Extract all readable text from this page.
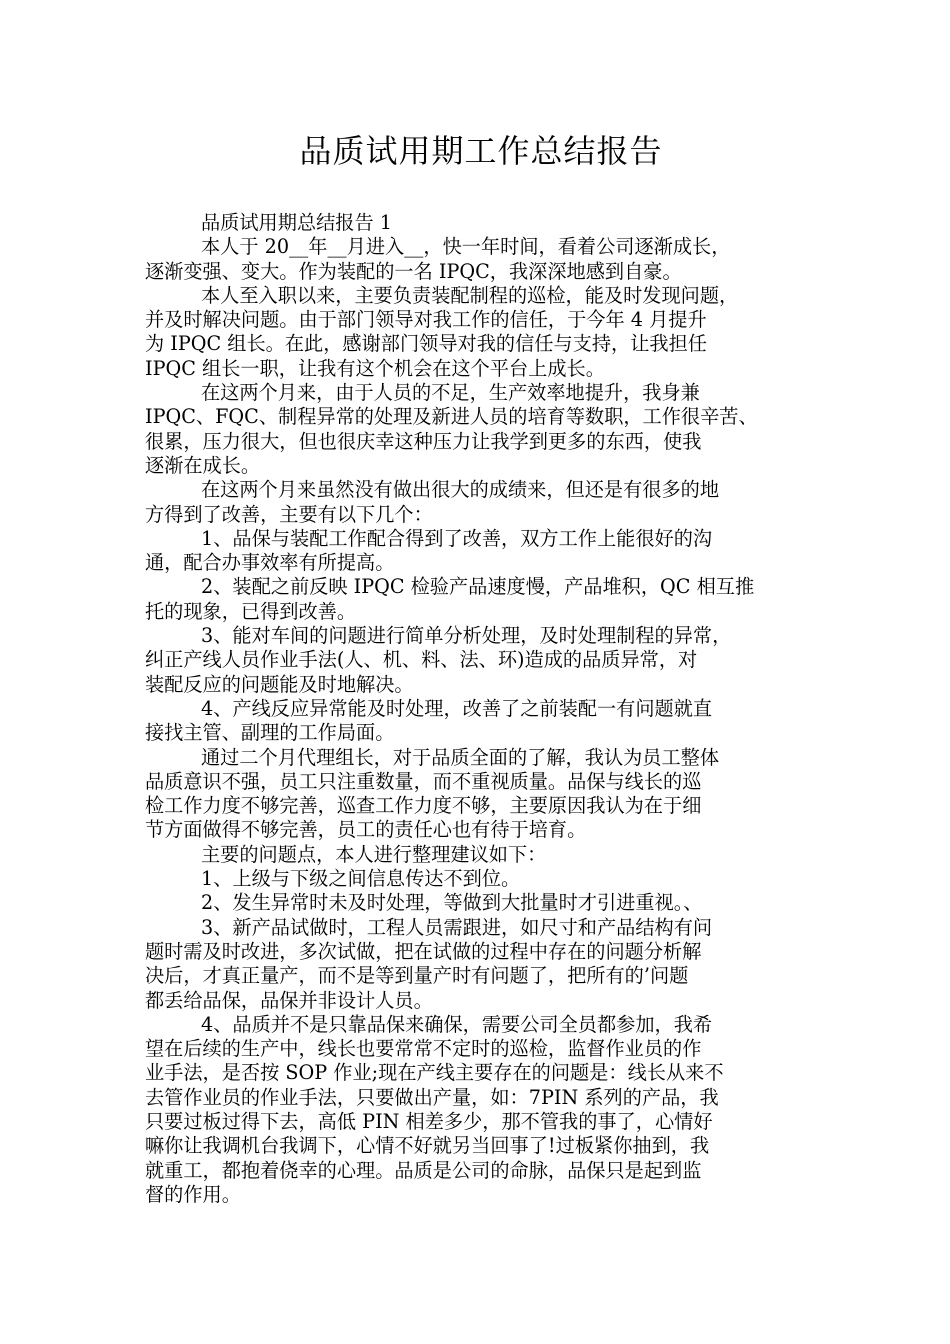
品质试用期工作总结报告
品质试用期总结报告 1
本人于 20__年__月进入__，快一年时间，看着公司逐渐成长，
逐渐变强、变大。作为装配的一名 IPQC，我深深地感到自豪。
本人至入职以来，主要负责装配制程的巡检，能及时发现问题，
并及时解决问题。由于部门领导对我工作的信任，于今年 4 月提升
为 IPQC 组长。在此，感谢部门领导对我的信任与支持，让我担任
IPQC 组长一职，让我有这个机会在这个平台上成长。
在这两个月来，由于人员的不足，生产效率地提升，我身兼
IPQC、FQC、制程异常的处理及新进人员的培育等数职，工作很辛苦、
很累，压力很大，但也很庆幸这种压力让我学到更多的东西，使我
逐渐在成长。
在这两个月来虽然没有做出很大的成绩来，但还是有很多的地
方得到了改善，主要有以下几个：
1、品保与装配工作配合得到了改善，双方工作上能很好的沟
通，配合办事效率有所提高。
2、装配之前反映 IPQC 检验产品速度慢，产品堆积，QC 相互推
托的现象，已得到改善。
3、能对车间的问题进行简单分析处理，及时处理制程的异常，
纠正产线人员作业手法(人、机、料、法、环)造成的品质异常，对
装配反应的问题能及时地解决。
4、产线反应异常能及时处理，改善了之前装配一有问题就直
接找主管、副理的工作局面。
通过二个月代理组长，对于品质全面的了解，我认为员工整体
品质意识不强，员工只注重数量，而不重视质量。品保与线长的巡
检工作力度不够完善，巡查工作力度不够，主要原因我认为在于细
节方面做得不够完善，员工的责任心也有待于培育。
主要的问题点，本人进行整理建议如下：
1、上级与下级之间信息传达不到位。
2、发生异常时未及时处理，等做到大批量时才引进重视。、
3、新产品试做时，工程人员需跟进，如尺寸和产品结构有问
题时需及时改进，多次试做，把在试做的过程中存在的问题分析解
决后，才真正量产，而不是等到量产时有问题了，把所有的’问题
都丢给品保，品保并非设计人员。
4、品质并不是只靠品保来确保，需要公司全员都参加，我希
望在后续的生产中，线长也要常常不定时的巡检，监督作业员的作
业手法，是否按 SOP 作业;现在产线主要存在的问题是：线长从来不
去管作业员的作业手法，只要做出产量，如：7PIN 系列的产品，我
只要过板过得下去，高低 PIN 相差多少，那不管我的事了，心情好
嘛你让我调机台我调下，心情不好就另当回事了!过板紧你抽到，我
就重工，都抱着侥幸的心理。品质是公司的命脉，品保只是起到监
督的作用。
